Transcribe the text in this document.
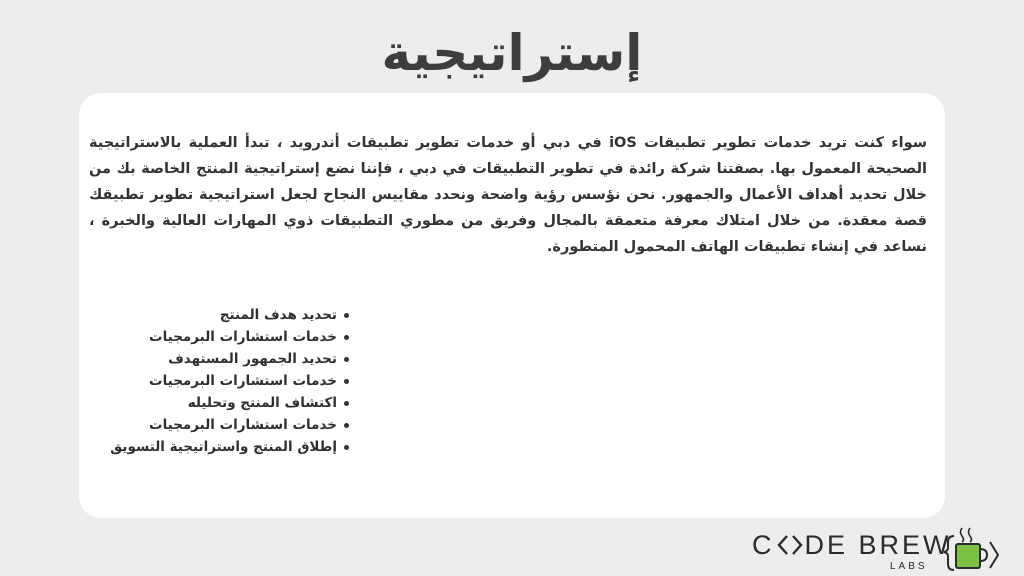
إستراتيجية

سواء كنت تريد خدمات تطوير تطبيقات iOS في دبي أو خدمات تطوير تطبيقات أندرويد ، تبدأ العملية بالاستراتيجية الصحيحة المعمول بها. بصفتنا شركة رائدة في تطوير التطبيقات في دبي ، فإننا نضع إستراتيجية المنتج الخاصة بك من خلال تحديد أهداف الأعمال والجمهور. نحن نؤسس رؤية واضحة ونحدد مقاييس النجاح لجعل استراتيجية تطوير تطبيقك قصة معقدة. من خلال امتلاك معرفة متعمقة بالمجال وفريق من مطوري التطبيقات ذوي المهارات العالية والخبرة ، نساعد في إنشاء تطبيقات الهاتف المحمول المتطورة.

تحديد هدف المنتج
خدمات استشارات البرمجيات
تحديد الجمهور المستهدف
خدمات استشارات البرمجيات
اكتشاف المنتج وتحليله
خدمات استشارات البرمجيات
إطلاق المنتج واستراتيجية التسويق
C DE BREW
LABS
